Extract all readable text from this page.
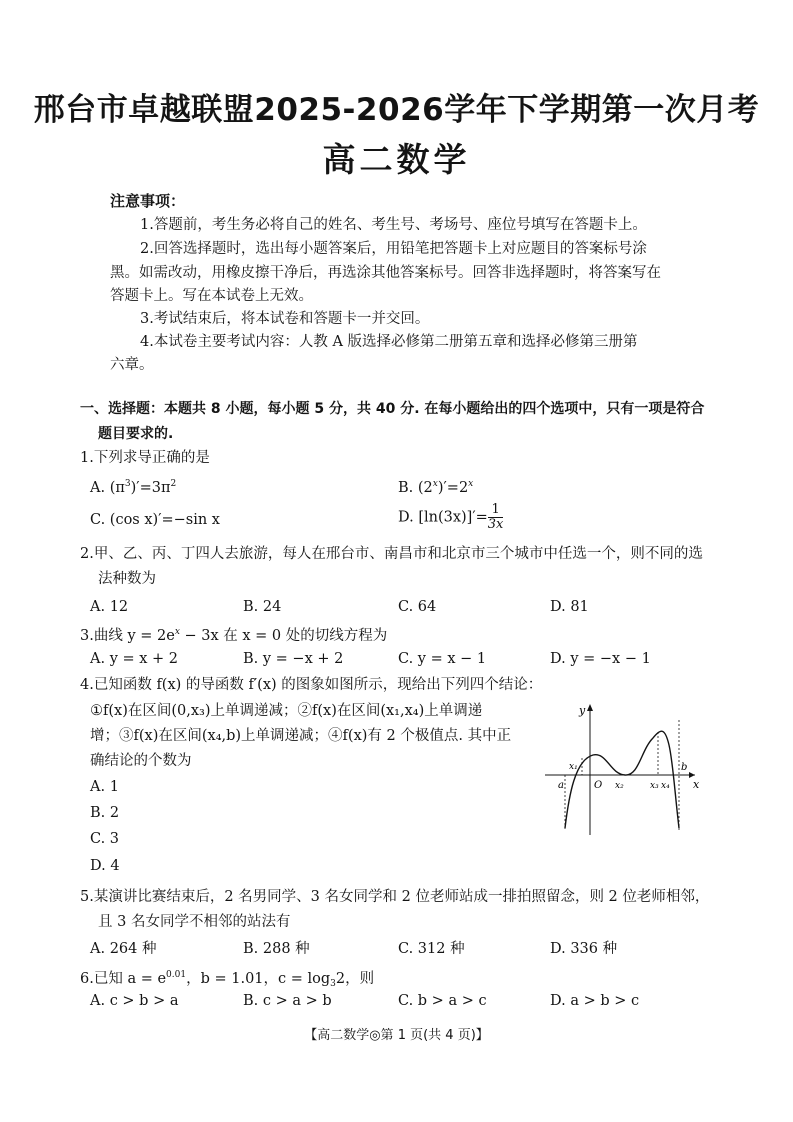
邢台市卓越联盟2025-2026学年下学期第一次月考
高二数学
注意事项：
1.答题前，考生务必将自己的姓名、考生号、考场号、座位号填写在答题卡上。
2.回答选择题时，选出每小题答案后，用铅笔把答题卡上对应题目的答案标号涂
黑。如需改动，用橡皮擦干净后，再选涂其他答案标号。回答非选择题时，将答案写在
答题卡上。写在本试卷上无效。
3.考试结束后，将本试卷和答题卡一并交回。
4.本试卷主要考试内容：人教 A 版选择必修第二册第五章和选择必修第三册第
六章。
一、选择题：本题共 8 小题，每小题 5 分，共 40 分. 在每小题给出的四个选项中，只有一项是符合
题目要求的.
1.下列求导正确的是
A. $(\pi^3)'=3\pi^2$	B. $(2^x)'=2^x$
C. (cos x)′=−sin x	D. $[\ln(3x)]'= \frac{1}{3x}$
2.甲、乙、丙、丁四人去旅游，每人在邢台市、南昌市和北京市三个城市中任选一个，则不同的选
法种数为
A. 12	B. 24	C. 64	D. 81
3.曲线 $y = 2e^x - 3x$ 在 x = 0 处的切线方程为
A. y = x + 2	B. y = −x + 2	C. y = x − 1	D. y = −x − 1
4.已知函数 f(x) 的导函数 f′(x) 的图象如图所示，现给出下列四个结论：
①f(x)在区间(0,x₃)上单调递减；②f(x)在区间(x₁,x₄)上单调递
增；③f(x)在区间(x₄,b)上单调递减；④f(x)有 2 个极值点. 其中正
确结论的个数为
A. 1
B. 2
C. 3
D. 4
y
x
O
a
b
x₁
x₂	x₃ x₄
5.某演讲比赛结束后，2 名男同学、3 名女同学和 2 位老师站成一排拍照留念，则 2 位老师相邻，
且 3 名女同学不相邻的站法有
A. 264 种	B. 288 种	C. 312 种	D. 336 种
6.已知 $a = e^{0.01}$，b = 1.01，$c = \log_32$，则
A. c > b > a	B. c > a > b	C. b > a > c	D. a > b > c
【高二数学◎第 1 页(共 4 页)】
